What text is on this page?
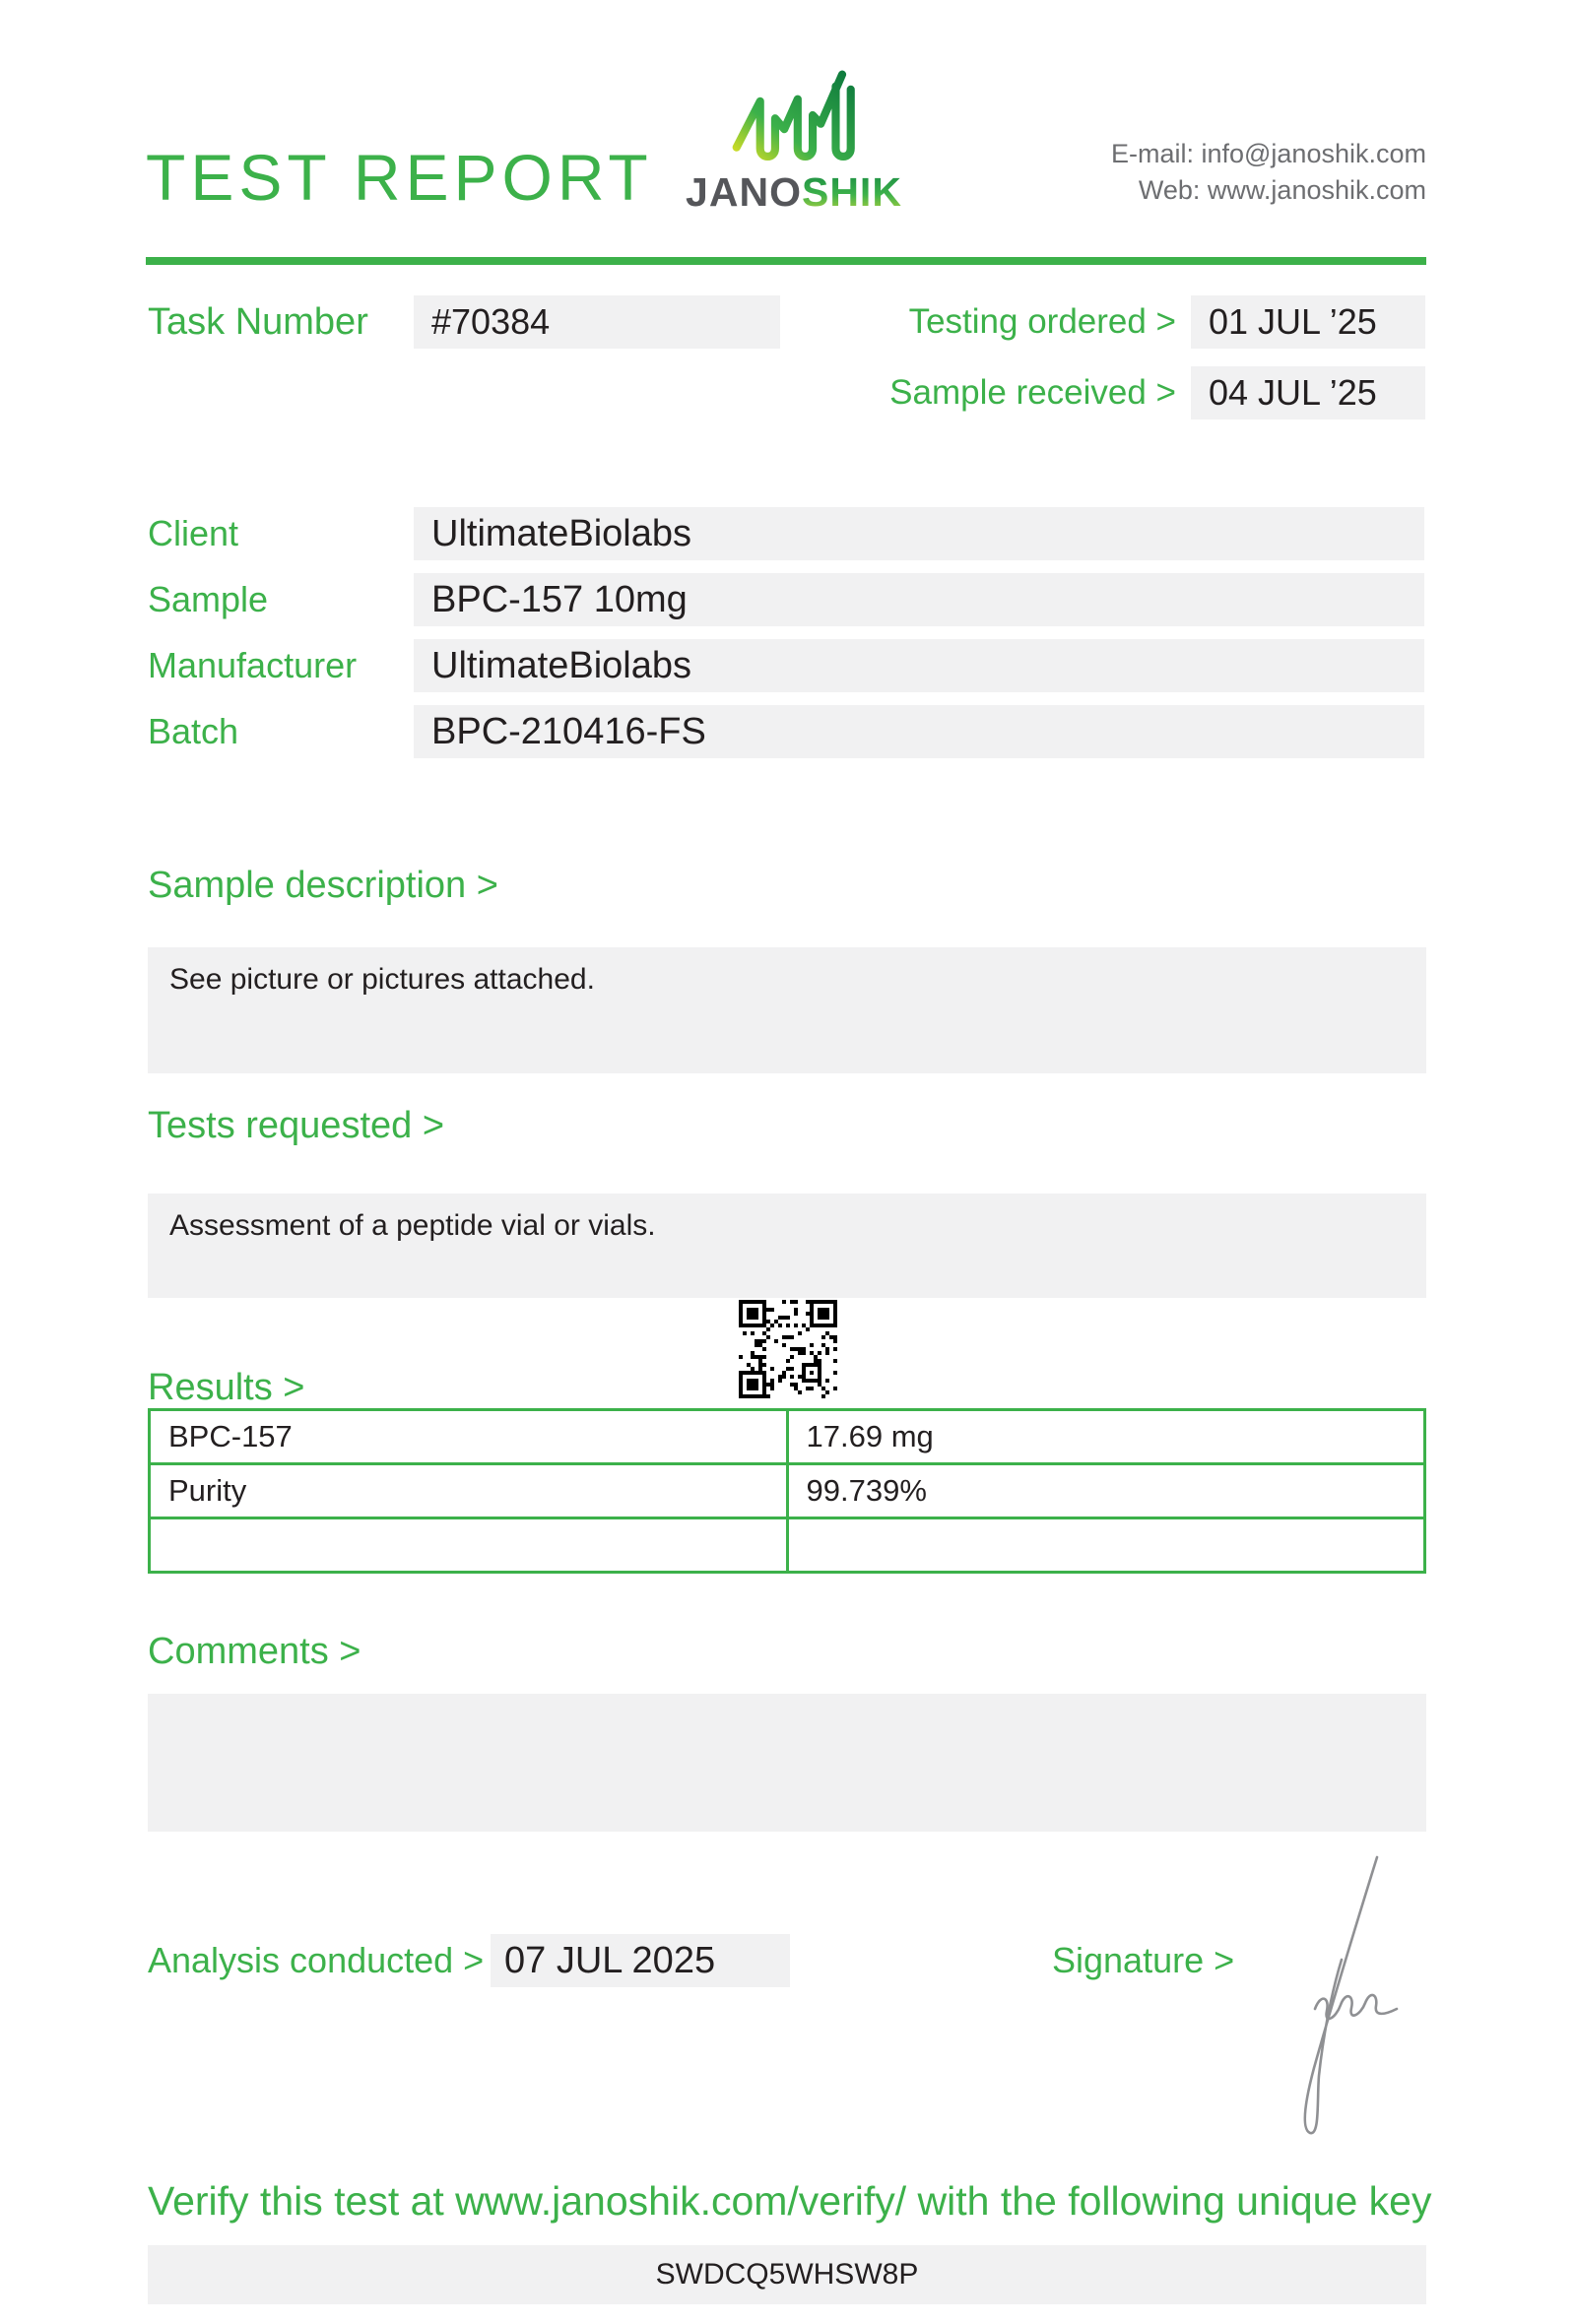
TEST REPORT JANOSHIK
E-mail: info@janoshik.com
Web: www.janoshik.com
Task Number	#70384	Testing ordered > 01 JUL ’25
Sample received > 04 JUL ’25
Client	UltimateBiolabs
Sample	BPC-157 10mg
Manufacturer	UltimateBiolabs
Batch	BPC-210416-FS
Sample description >
See picture or pictures attached.
Tests requested >
Assessment of a peptide vial or vials.
Results >
BPC-157	17.69 mg
Purity	99.739%

Comments >
Analysis conducted > 07 JUL 2025	Signature >
Verify this test at www.janoshik.com/verify/ with the following unique key
SWDCQ5WHSW8P
